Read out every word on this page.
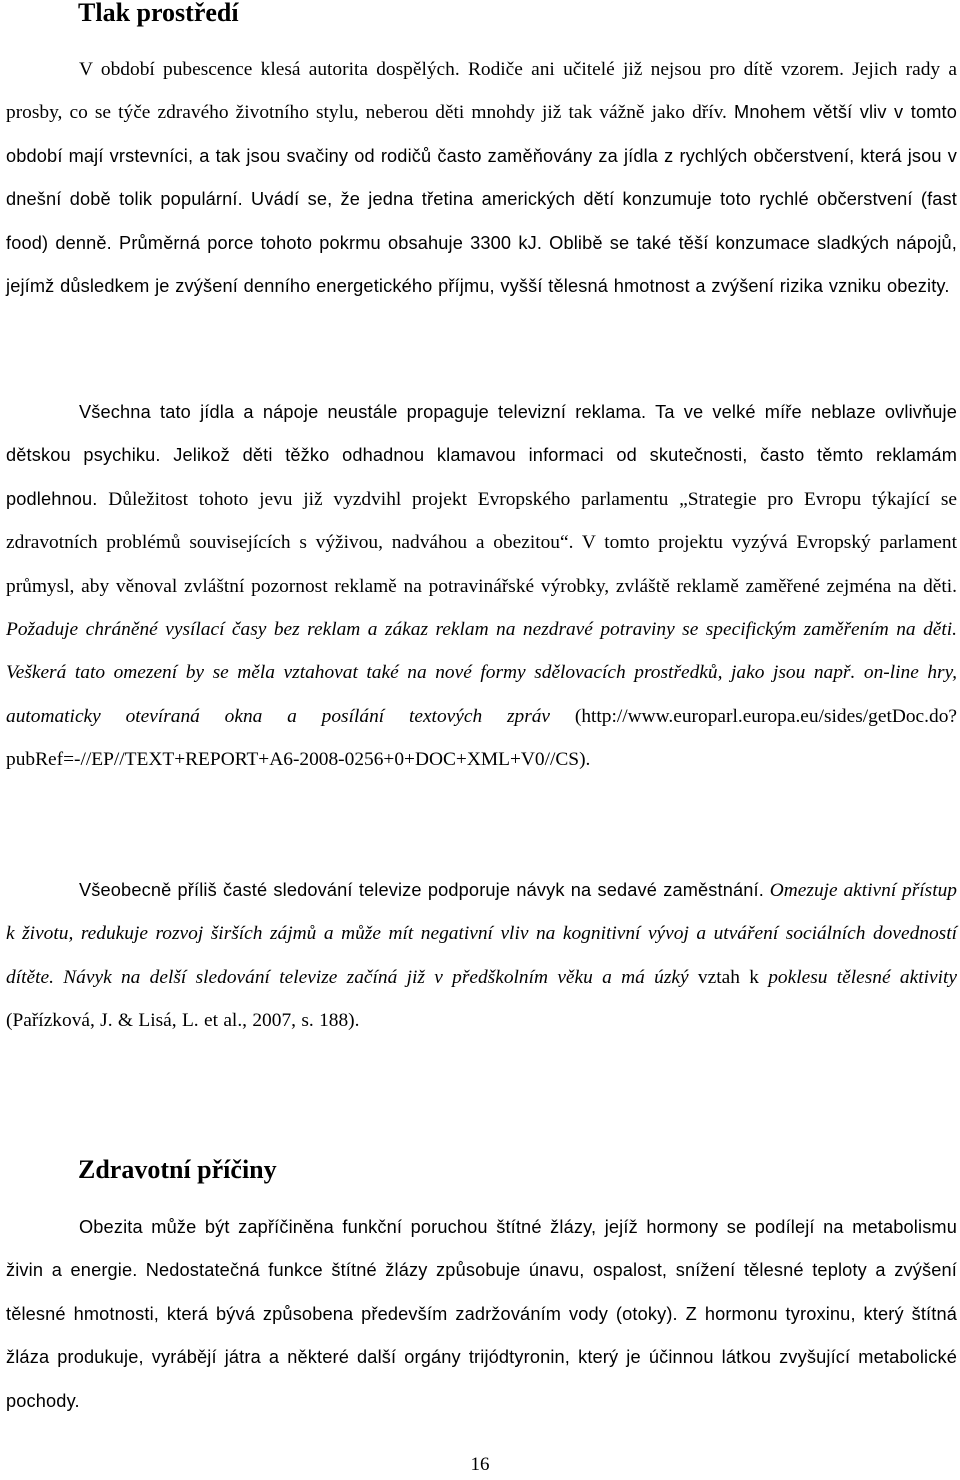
Tlak prostředí

V období pubescence klesá autorita dospělých. Rodiče ani učitelé již nejsou pro dítě vzorem. Jejich rady a prosby, co se týče zdravého životního stylu, neberou děti mnohdy již tak vážně jako dřív. Mnohem větší vliv v tomto období mají vrstevníci, a tak jsou svačiny od rodičů často zaměňovány za jídla z rychlých občerstvení, která jsou v dnešní době tolik populární. Uvádí se, že jedna třetina amerických dětí konzumuje toto rychlé občerstvení (fast food) denně. Průměrná porce tohoto pokrmu obsahuje 3300 kJ. Oblibě se také těší konzumace sladkých nápojů, jejímž důsledkem je zvýšení denního energetického příjmu, vyšší tělesná hmotnost a zvýšení rizika vzniku obezity.

Všechna tato jídla a nápoje neustále propaguje televizní reklama. Ta ve velké míře neblaze ovlivňuje dětskou psychiku. Jelikož děti těžko odhadnou klamavou informaci od skutečnosti, často těmto reklamám podlehnou. Důležitost tohoto jevu již vyzdvihl projekt Evropského parlamentu „Strategie pro Evropu týkající se zdravotních problémů souvisejících s výživou, nadváhou a obezitou“. V tomto projektu vyzývá Evropský parlament průmysl, aby věnoval zvláštní pozornost reklamě na potravinářské výrobky, zvláště reklamě zaměřené zejména na děti. Požaduje chráněné vysílací časy bez reklam a zákaz reklam na nezdravé potraviny se specifickým zaměřením na děti. Veškerá tato omezení by se měla vztahovat také na nové formy sdělovacích prostředků, jako jsou např. on-line hry, automaticky otevíraná okna a posílání textových zpráv (http://www.europarl.europa.eu/sides/getDoc.do?pubRef=-//EP//TEXT+REPORT+A6-2008-0256+0+DOC+XML+V0//CS).

Všeobecně příliš časté sledování televize podporuje návyk na sedavé zaměstnání. Omezuje aktivní přístup k životu, redukuje rozvoj širších zájmů a může mít negativní vliv na kognitivní vývoj a utváření sociálních dovedností dítěte. Návyk na delší sledování televize začíná již v předškolním věku a má úzký vztah k poklesu tělesné aktivity (Pařízková, J. & Lisá, L. et al., 2007, s. 188).

Zdravotní příčiny

Obezita může být zapříčiněna funkční poruchou štítné žlázy, jejíž hormony se podílejí na metabolismu živin a energie. Nedostatečná funkce štítné žlázy způsobuje únavu, ospalost, snížení tělesné teploty a zvýšení tělesné hmotnosti, která bývá způsobena především zadržováním vody (otoky). Z hormonu tyroxinu, který štítná žláza produkuje, vyrábějí játra a některé další orgány trijódtyronin, který je účinnou látkou zvyšující metabolické pochody.

16
